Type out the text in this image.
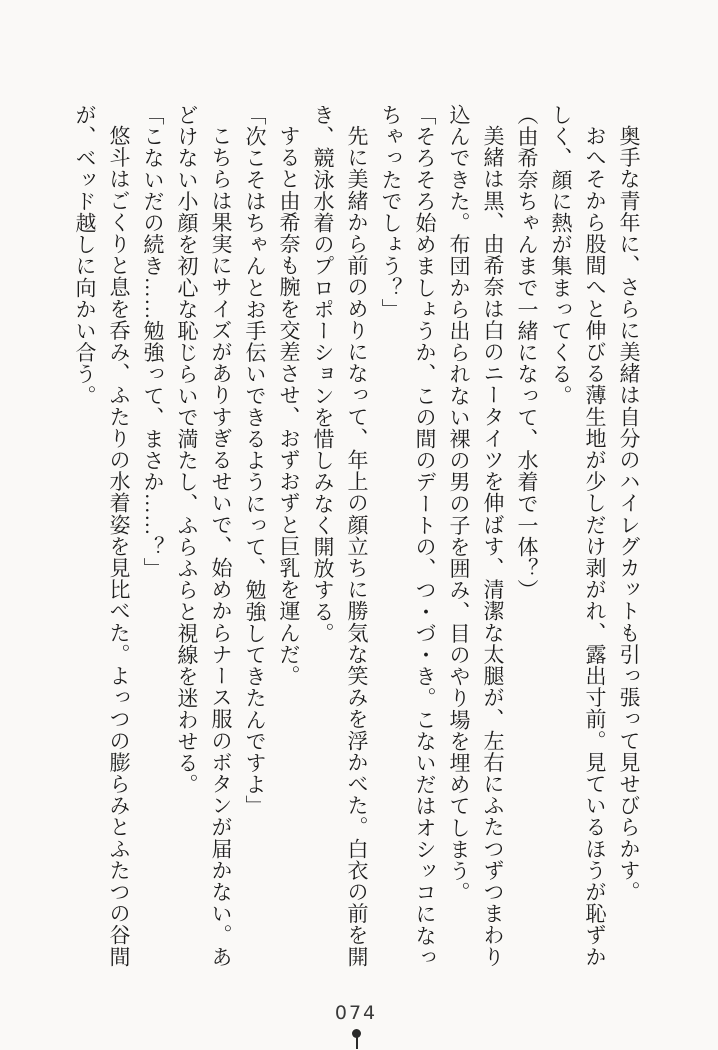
奥手な青年に、さらに美緒は自分のハイレグカットも引っ張って見せびらかす。

おへそから股間へと伸びる薄生地が少しだけ剥がれ、露出寸前。見ているほうが恥ずかしく、顔に熱が集まってくる。

（由希奈ちゃんまで一緒になって、水着で一体？）

美緒は黒、由希奈は白のニータイツを伸ばす、清潔な太腿が、左右にふたつずつまわり込んできた。布団から出られない裸の男の子を囲み、目のやり場を埋めてしまう。

「そろそろ始めましょうか、この間のデートの、つ・づ・き。こないだはオシッコになっちゃったでしょう？」

先に美緒から前のめりになって、年上の顔立ちに勝気な笑みを浮かべた。白衣の前を開き、競泳水着のプロポーションを惜しみなく開放する。

すると由希奈も腕を交差させ、おずおずと巨乳を運んだ。

「次こそはちゃんとお手伝いできるようにって、勉強してきたんですよ」

こちらは果実にサイズがありすぎるせいで、始めからナース服のボタンが届かない。あどけない小顔を初心な恥じらいで満たし、ふらふらと視線を迷わせる。

「こないだの続き……勉強って、まさか……？」

悠斗はごくりと息を呑み、ふたりの水着姿を見比べた。よっつの膨らみとふたつの谷間が、ベッド越しに向かい合う。

074
